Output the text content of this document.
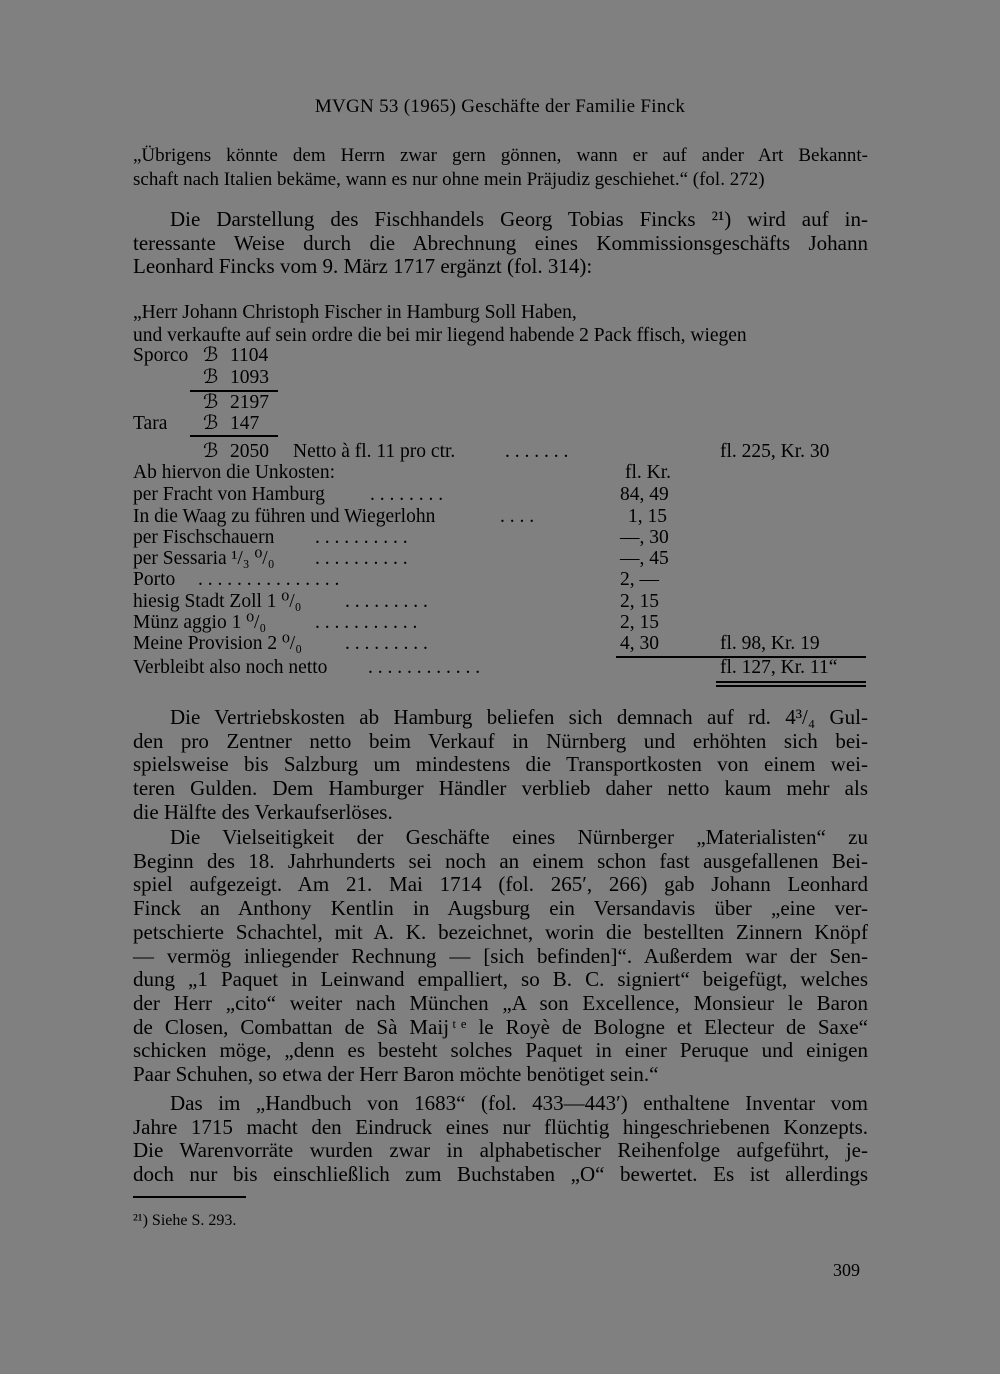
MVGN 53 (1965) Geschäfte der Familie Finck
„Übrigens könnte dem Herrn zwar gern gönnen, wann er auf ander Art Bekannt-
schaft nach Italien bekäme, wann es nur ohne mein Präjudiz geschiehet.“ (fol. 272)
Die Darstellung des Fischhandels Georg Tobias Fincks ²¹) wird auf in-
teressante Weise durch die Abrechnung eines Kommissionsgeschäfts Johann
Leonhard Fincks vom 9. März 1717 ergänzt (fol. 314):
„Herr Johann Christoph Fischer in Hamburg Soll Haben,
und verkaufte auf sein ordre die bei mir liegend habende 2 Pack ffisch, wiegen
Sporco ℬ 1104
ℬ 1093
ℬ 2197
Tara ℬ 147
ℬ 2050 Netto à fl. 11 pro ctr.	. . . . . . .	fl. 225, Kr. 30
Ab hiervon die Unkosten:	fl. Kr.
per Fracht von Hamburg . . . . . . . .	84, 49
In die Waag zu führen und Wiegerlohn	. . . .	1, 15
per Fischschauern . . . . . . . . . .	—, 30
per Sessaria ¹/₃ ⁰/₀ . . . . . . . . . .	—, 45
Porto . . . . . . . . . . . . . . .	2, —
hiesig Stadt Zoll 1 ⁰/₀ . . . . . . . . .	2, 15
Münz aggio 1 ⁰/₀	. . . . . . . . . . .	2, 15
Meine Provision 2 ⁰/₀ . . . . . . . . .	4, 30	fl. 98, Kr. 19
Verbleibt also noch netto . . . . . . . . . . . .	fl. 127, Kr. 11“
Die Vertriebskosten ab Hamburg beliefen sich demnach auf rd. 4³/₄ Gul-
den pro Zentner netto beim Verkauf in Nürnberg und erhöhten sich bei-
spielsweise bis Salzburg um mindestens die Transportkosten von einem wei-
teren Gulden. Dem Hamburger Händler verblieb daher netto kaum mehr als
die Hälfte des Verkaufserlöses.
Die Vielseitigkeit der Geschäfte eines Nürnberger „Materialisten“ zu
Beginn des 18. Jahrhunderts sei noch an einem schon fast ausgefallenen Bei-
spiel aufgezeigt. Am 21. Mai 1714 (fol. 265′, 266) gab Johann Leonhard
Finck an Anthony Kentlin in Augsburg ein Versandavis über „eine ver-
petschierte Schachtel, mit A. K. bezeichnet, worin die bestellten Zinnern Knöpf
— vermög inliegender Rechnung — [sich befinden]“. Außerdem war der Sen-
dung „1 Paquet in Leinwand empalliert, so B. C. signiert“ beigefügt, welches
der Herr „cito“ weiter nach München „A son Excellence, Monsieur le Baron
de Closen, Combattan de Sà Maij ͭᵉ le Royè de Bologne et Electeur de Saxe“
schicken möge, „denn es besteht solches Paquet in einer Peruque und einigen
Paar Schuhen, so etwa der Herr Baron möchte benötiget sein.“
Das im „Handbuch von 1683“ (fol. 433—443′) enthaltene Inventar vom
Jahre 1715 macht den Eindruck eines nur flüchtig hingeschriebenen Konzepts.
Die Warenvorräte wurden zwar in alphabetischer Reihenfolge aufgeführt, je-
doch nur bis einschließlich zum Buchstaben „O“ bewertet. Es ist allerdings
²¹) Siehe S. 293.
309
